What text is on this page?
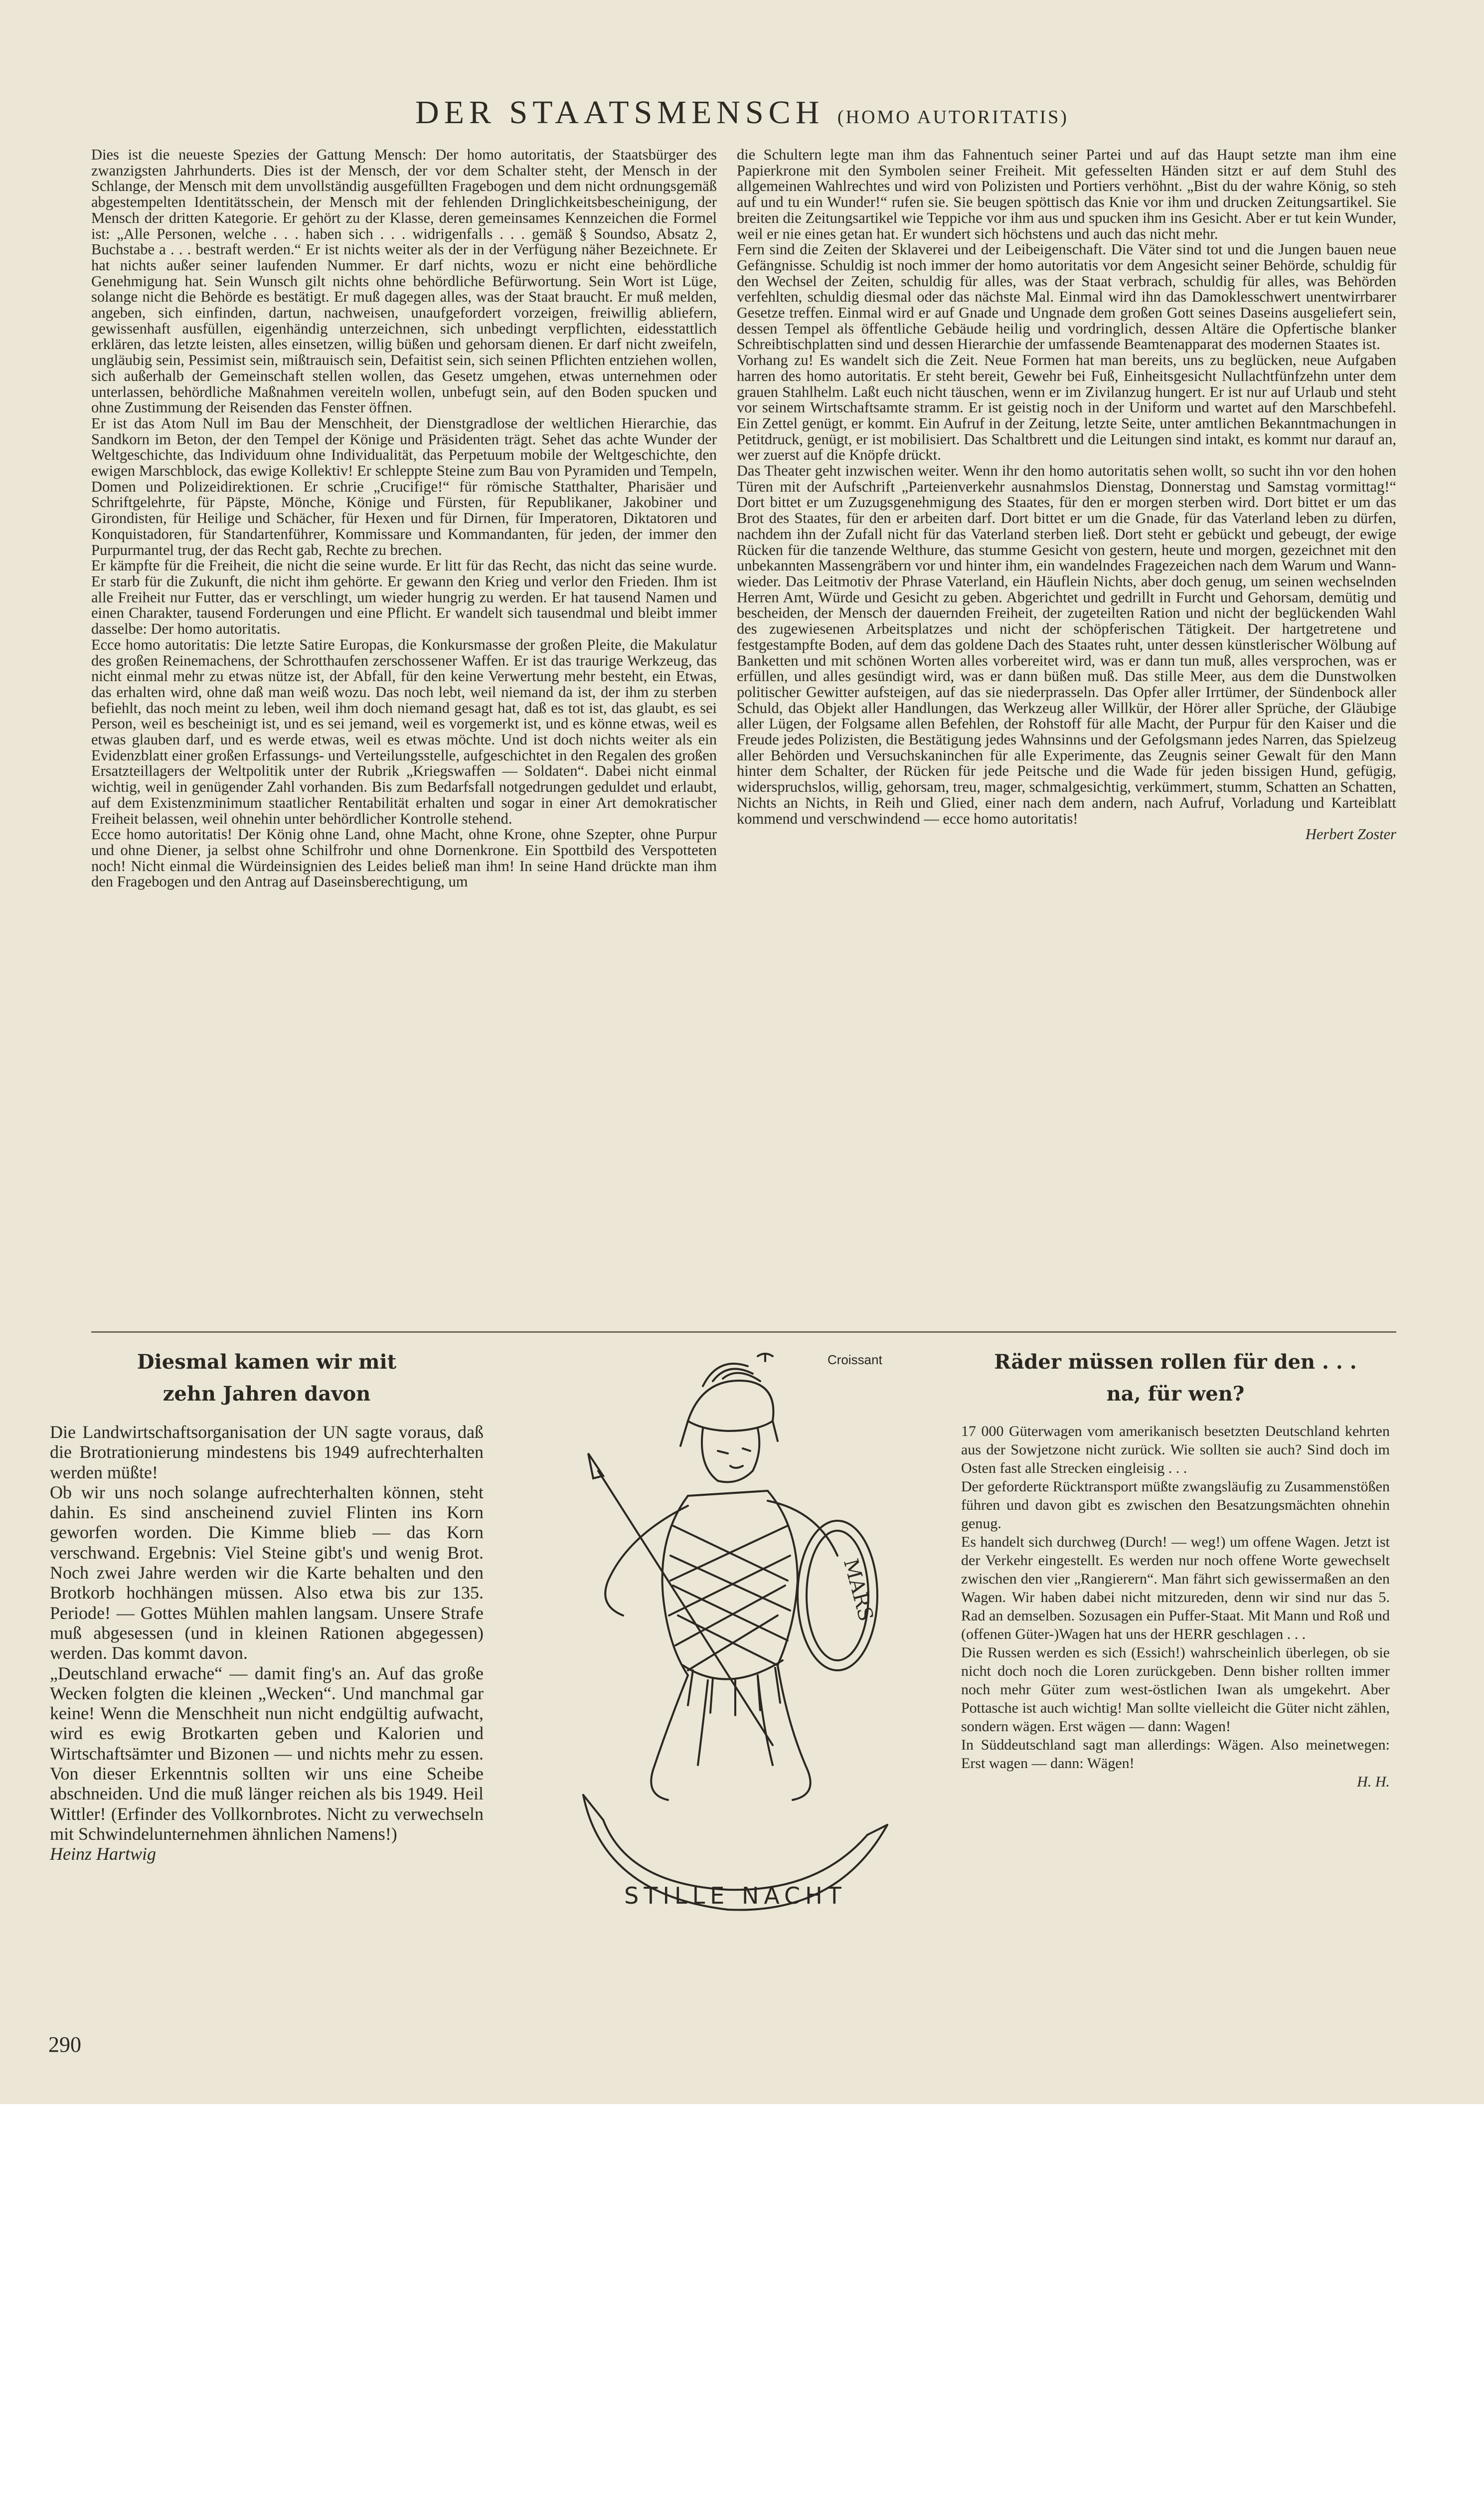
DER STAATSMENSCH (HOMO AUTORITATIS)

Dies ist die neueste Spezies der Gattung Mensch: Der homo autoritatis, der Staatsbürger des zwanzigsten Jahrhunderts. Dies ist der Mensch, der vor dem Schalter steht, der Mensch in der Schlange, der Mensch mit dem unvollständig ausgefüllten Fragebogen und dem nicht ordnungsgemäß abgestempelten Identitätsschein, der Mensch mit der fehlenden Dringlichkeitsbescheinigung, der Mensch der dritten Kategorie. Er gehört zu der Klasse, deren gemeinsames Kennzeichen die Formel ist: „Alle Personen, welche . . . haben sich . . . widrigenfalls . . . gemäß § Soundso, Absatz 2, Buchstabe a . . . bestraft werden.“ Er ist nichts weiter als der in der Verfügung näher Bezeichnete. Er hat nichts außer seiner laufenden Nummer. Er darf nichts, wozu er nicht eine behördliche Genehmigung hat. Sein Wunsch gilt nichts ohne behördliche Befürwortung. Sein Wort ist Lüge, solange nicht die Behörde es bestätigt. Er muß dagegen alles, was der Staat braucht. Er muß melden, angeben, sich einfinden, dartun, nachweisen, unaufgefordert vorzeigen, freiwillig abliefern, gewissenhaft ausfüllen, eigenhändig unterzeichnen, sich unbedingt verpflichten, eidesstattlich erklären, das letzte leisten, alles einsetzen, willig büßen und gehorsam dienen. Er darf nicht zweifeln, ungläubig sein, Pessimist sein, mißtrauisch sein, Defaitist sein, sich seinen Pflichten entziehen wollen, sich außerhalb der Gemeinschaft stellen wollen, das Gesetz umgehen, etwas unternehmen oder unterlassen, behördliche Maßnahmen vereiteln wollen, unbefugt sein, auf den Boden spucken und ohne Zustimmung der Reisenden das Fenster öffnen.

Er ist das Atom Null im Bau der Menschheit, der Dienstgradlose der weltlichen Hierarchie, das Sandkorn im Beton, der den Tempel der Könige und Präsidenten trägt. Sehet das achte Wunder der Weltgeschichte, das Individuum ohne Individualität, das Perpetuum mobile der Weltgeschichte, den ewigen Marschblock, das ewige Kollektiv! Er schleppte Steine zum Bau von Pyramiden und Tempeln, Domen und Polizeidirektionen. Er schrie „Crucifige!“ für römische Statthalter, Pharisäer und Schriftgelehrte, für Päpste, Mönche, Könige und Fürsten, für Republikaner, Jakobiner und Girondisten, für Heilige und Schächer, für Hexen und für Dirnen, für Imperatoren, Diktatoren und Konquistadoren, für Standartenführer, Kommissare und Kommandanten, für jeden, der immer den Purpurmantel trug, der das Recht gab, Rechte zu brechen.

Er kämpfte für die Freiheit, die nicht die seine wurde. Er litt für das Recht, das nicht das seine wurde. Er starb für die Zukunft, die nicht ihm gehörte. Er gewann den Krieg und verlor den Frieden. Ihm ist alle Freiheit nur Futter, das er verschlingt, um wieder hungrig zu werden. Er hat tausend Namen und einen Charakter, tausend Forderungen und eine Pflicht. Er wandelt sich tausendmal und bleibt immer dasselbe: Der homo autoritatis.

Ecce homo autoritatis: Die letzte Satire Europas, die Konkursmasse der großen Pleite, die Makulatur des großen Reinemachens, der Schrotthaufen zerschossener Waffen. Er ist das traurige Werkzeug, das nicht einmal mehr zu etwas nütze ist, der Abfall, für den keine Verwertung mehr besteht, ein Etwas, das erhalten wird, ohne daß man weiß wozu. Das noch lebt, weil niemand da ist, der ihm zu sterben befiehlt, das noch meint zu leben, weil ihm doch niemand gesagt hat, daß es tot ist, das glaubt, es sei Person, weil es bescheinigt ist, und es sei jemand, weil es vorgemerkt ist, und es könne etwas, weil es etwas glauben darf, und es werde etwas, weil es etwas möchte. Und ist doch nichts weiter als ein Evidenzblatt einer großen Erfassungs- und Verteilungsstelle, aufgeschichtet in den Regalen des großen Ersatzteillagers der Weltpolitik unter der Rubrik „Kriegswaffen — Soldaten“. Dabei nicht einmal wichtig, weil in genügender Zahl vorhanden. Bis zum Bedarfsfall notgedrungen geduldet und erlaubt, auf dem Existenzminimum staatlicher Rentabilität erhalten und sogar in einer Art demokratischer Freiheit belassen, weil ohnehin unter behördlicher Kontrolle stehend.

Ecce homo autoritatis! Der König ohne Land, ohne Macht, ohne Krone, ohne Szepter, ohne Purpur und ohne Diener, ja selbst ohne Schilfrohr und ohne Dornenkrone. Ein Spottbild des Verspotteten noch! Nicht einmal die Würdeinsignien des Leides beließ man ihm! In seine Hand drückte man ihm den Fragebogen und den Antrag auf Daseinsberechtigung, um

die Schultern legte man ihm das Fahnentuch seiner Partei und auf das Haupt setzte man ihm eine Papierkrone mit den Symbolen seiner Freiheit. Mit gefesselten Händen sitzt er auf dem Stuhl des allgemeinen Wahlrechtes und wird von Polizisten und Portiers verhöhnt. „Bist du der wahre König, so steh auf und tu ein Wunder!“ rufen sie. Sie beugen spöttisch das Knie vor ihm und drucken Zeitungsartikel. Sie breiten die Zeitungsartikel wie Teppiche vor ihm aus und spucken ihm ins Gesicht. Aber er tut kein Wunder, weil er nie eines getan hat. Er wundert sich höchstens und auch das nicht mehr.

Fern sind die Zeiten der Sklaverei und der Leibeigenschaft. Die Väter sind tot und die Jungen bauen neue Gefängnisse. Schuldig ist noch immer der homo autoritatis vor dem Angesicht seiner Behörde, schuldig für den Wechsel der Zeiten, schuldig für alles, was der Staat verbrach, schuldig für alles, was Behörden verfehlten, schuldig diesmal oder das nächste Mal. Einmal wird ihn das Damoklesschwert unentwirrbarer Gesetze treffen. Einmal wird er auf Gnade und Ungnade dem großen Gott seines Daseins ausgeliefert sein, dessen Tempel als öffentliche Gebäude heilig und vordringlich, dessen Altäre die Opfertische blanker Schreibtischplatten sind und dessen Hierarchie der umfassende Beamtenapparat des modernen Staates ist.

Vorhang zu! Es wandelt sich die Zeit. Neue Formen hat man bereits, uns zu beglücken, neue Aufgaben harren des homo autoritatis. Er steht bereit, Gewehr bei Fuß, Einheitsgesicht Nullachtfünfzehn unter dem grauen Stahlhelm. Laßt euch nicht täuschen, wenn er im Zivilanzug hungert. Er ist nur auf Urlaub und steht vor seinem Wirtschaftsamte stramm. Er ist geistig noch in der Uniform und wartet auf den Marschbefehl. Ein Zettel genügt, er kommt. Ein Aufruf in der Zeitung, letzte Seite, unter amtlichen Bekanntmachungen in Petitdruck, genügt, er ist mobilisiert. Das Schaltbrett und die Leitungen sind intakt, es kommt nur darauf an, wer zuerst auf die Knöpfe drückt.

Das Theater geht inzwischen weiter. Wenn ihr den homo autoritatis sehen wollt, so sucht ihn vor den hohen Türen mit der Aufschrift „Parteienverkehr ausnahmslos Dienstag, Donnerstag und Samstag vormittag!“ Dort bittet er um Zuzugsgenehmigung des Staates, für den er morgen sterben wird. Dort bittet er um das Brot des Staates, für den er arbeiten darf. Dort bittet er um die Gnade, für das Vaterland leben zu dürfen, nachdem ihn der Zufall nicht für das Vaterland sterben ließ. Dort steht er gebückt und gebeugt, der ewige Rücken für die tanzende Welthure, das stumme Gesicht von gestern, heute und morgen, gezeichnet mit den unbekannten Massengräbern vor und hinter ihm, ein wandelndes Fragezeichen nach dem Warum und Wann-wieder. Das Leitmotiv der Phrase Vaterland, ein Häuflein Nichts, aber doch genug, um seinen wechselnden Herren Amt, Würde und Gesicht zu geben. Abgerichtet und gedrillt in Furcht und Gehorsam, demütig und bescheiden, der Mensch der dauernden Freiheit, der zugeteilten Ration und nicht der beglückenden Wahl des zugewiesenen Arbeitsplatzes und nicht der schöpferischen Tätigkeit. Der hartgetretene und festgestampfte Boden, auf dem das goldene Dach des Staates ruht, unter dessen künstlerischer Wölbung auf Banketten und mit schönen Worten alles vorbereitet wird, was er dann tun muß, alles versprochen, was er erfüllen, und alles gesündigt wird, was er dann büßen muß. Das stille Meer, aus dem die Dunstwolken politischer Gewitter aufsteigen, auf das sie niederprasseln. Das Opfer aller Irrtümer, der Sündenbock aller Schuld, das Objekt aller Handlungen, das Werkzeug aller Willkür, der Hörer aller Sprüche, der Gläubige aller Lügen, der Folgsame allen Befehlen, der Rohstoff für alle Macht, der Purpur für den Kaiser und die Freude jedes Polizisten, die Bestätigung jedes Wahnsinns und der Gefolgsmann jedes Narren, das Spielzeug aller Behörden und Versuchskaninchen für alle Experimente, das Zeugnis seiner Gewalt für den Mann hinter dem Schalter, der Rücken für jede Peitsche und die Wade für jeden bissigen Hund, gefügig, widerspruchslos, willig, gehorsam, treu, mager, schmalgesichtig, verkümmert, stumm, Schatten an Schatten, Nichts an Nichts, in Reih und Glied, einer nach dem andern, nach Aufruf, Vorladung und Karteiblatt kommend und verschwindend — ecce homo autoritatis!

Herbert Zoster
Diesmal kamen wir mit
zehn Jahren davon

Die Landwirtschaftsorganisation der UN sagte voraus, daß die Brotrationierung mindestens bis 1949 aufrechterhalten werden müßte!

Ob wir uns noch solange aufrechterhalten können, steht dahin. Es sind anscheinend zuviel Flinten ins Korn geworfen worden. Die Kimme blieb — das Korn verschwand. Ergebnis: Viel Steine gibt's und wenig Brot. Noch zwei Jahre werden wir die Karte behalten und den Brotkorb hochhängen müssen. Also etwa bis zur 135. Periode! — Gottes Mühlen mahlen langsam. Unsere Strafe muß abgesessen (und in kleinen Rationen abgegessen) werden. Das kommt davon.

„Deutschland erwache“ — damit fing's an. Auf das große Wecken folgten die kleinen „Wecken“. Und manchmal gar keine! Wenn die Menschheit nun nicht endgültig aufwacht, wird es ewig Brotkarten geben und Kalorien und Wirtschaftsämter und Bizonen — und nichts mehr zu essen. Von dieser Erkenntnis sollten wir uns eine Scheibe abschneiden. Und die muß länger reichen als bis 1949. Heil Wittler! (Erfinder des Vollkornbrotes. Nicht zu verwechseln mit Schwindelunternehmen ähnlichen Namens!)

Heinz Hartwig
Croissant
MARS
STILLE NACHT
Räder müssen rollen für den . . .
na, für wen?

17 000 Güterwagen vom amerikanisch besetzten Deutschland kehrten aus der Sowjetzone nicht zurück. Wie sollten sie auch? Sind doch im Osten fast alle Strecken eingleisig . . .

Der geforderte Rücktransport müßte zwangsläufig zu Zusammenstößen führen und davon gibt es zwischen den Besatzungsmächten ohnehin genug.

Es handelt sich durchweg (Durch! — weg!) um offene Wagen. Jetzt ist der Verkehr eingestellt. Es werden nur noch offene Worte gewechselt zwischen den vier „Rangierern“. Man fährt sich gewissermaßen an den Wagen. Wir haben dabei nicht mitzureden, denn wir sind nur das 5. Rad an demselben. Sozusagen ein Puffer-Staat. Mit Mann und Roß und (offenen Güter-)Wagen hat uns der HERR geschlagen . . .

Die Russen werden es sich (Essich!) wahrscheinlich überlegen, ob sie nicht doch noch die Loren zurückgeben. Denn bisher rollten immer noch mehr Güter zum west-östlichen Iwan als umgekehrt. Aber Pottasche ist auch wichtig! Man sollte vielleicht die Güter nicht zählen, sondern wägen. Erst wägen — dann: Wagen!

In Süddeutschland sagt man allerdings: Wägen. Also meinetwegen: Erst wagen — dann: Wägen!

H. H.
290
